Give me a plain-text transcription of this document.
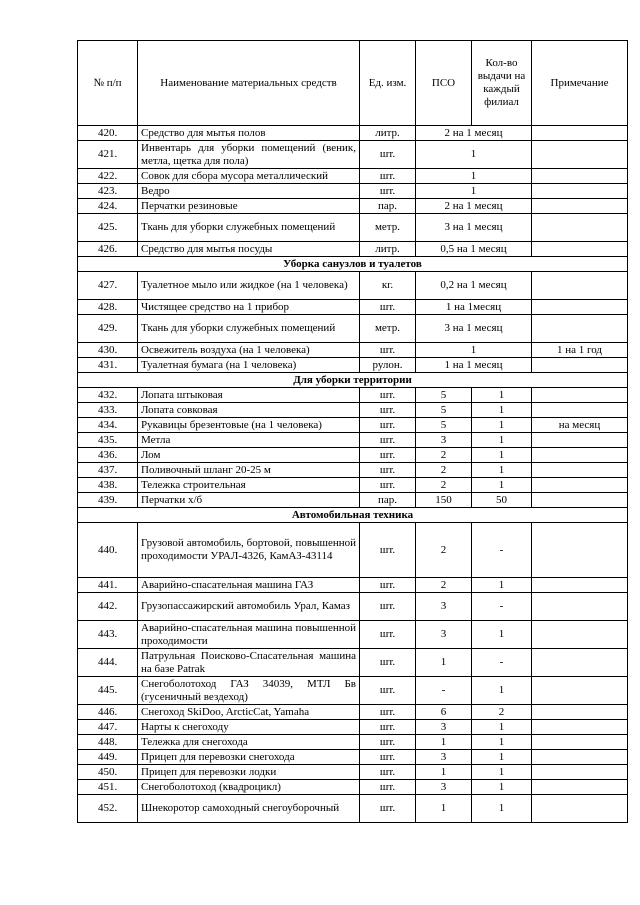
№ п/п	Наименование материальных средств	Ед. изм.	ПСО	Кол-во выдачи на каждый филиал	Примечание
420.	Средство для мытья полов	литр.	2 на 1 месяц		
421.	Инвентарь для уборки помещений (веник, метла, щетка для пола)	шт.	1		
422.	Совок для сбора мусора металлический	шт.	1		
423.	Ведро	шт.	1		
424.	Перчатки резиновые	пар.	2 на 1 месяц		
425.	Ткань для уборки служебных помещений	метр.	3 на 1 месяц		
426.	Средство для мытья посуды	литр.	0,5 на 1 месяц		
Уборка санузлов и туалетов					
427.	Туалетное мыло или жидкое (на 1 человека)	кг.	0,2 на 1 месяц		
428.	Чистящее средство на 1 прибор	шт.	1 на 1месяц		
429.	Ткань для уборки служебных помещений	метр.	3 на 1 месяц		
430.	Освежитель воздуха (на 1 человека)	шт.	1		1 на 1 год
431.	Туалетная бумага (на 1 человека)	рулон.	1 на 1 месяц		
Для уборки территории					
432.	Лопата штыковая	шт.	5	1	
433.	Лопата совковая	шт.	5	1	
434.	Рукавицы брезентовые (на 1 человека)	шт.	5	1	на месяц
435.	Метла	шт.	3	1	
436.	Лом	шт.	2	1	
437.	Поливочный шланг 20-25 м	шт.	2	1	
438.	Тележка строительная	шт.	2	1	
439.	Перчатки х/б	пар.	150	50	
Автомобильная техника					
440.	Грузовой автомобиль, бортовой, повышенной проходимости УРАЛ-4326, КамАЗ-43114	шт.	2	-	
441.	Аварийно-спасательная машина ГАЗ	шт.	2	1	
442.	Грузопассажирский автомобиль Урал, Камаз	шт.	3	-	
443.	Аварийно-спасательная машина повышенной проходимости	шт.	3	1	
444.	Патрульная Поисково-Спасательная машина на базе Patrak	шт.	1	-	
445.	Снегоболотоход ГАЗ 34039, МТЛ Бв (гусеничный вездеход)	шт.	-	1	
446.	Снегоход SkiDoo, ArcticCat, Yamaha	шт.	6	2	
447.	Нарты к снегоходу	шт.	3	1	
448.	Тележка для снегохода	шт.	1	1	
449.	Прицеп для перевозки снегохода	шт.	3	1	
450.	Прицеп для перевозки лодки	шт.	1	1	
451.	Снегоболотоход (квадроцикл)	шт.	3	1	
452.	Шнекоротор самоходный снегоуборочный	шт.	1	1	
